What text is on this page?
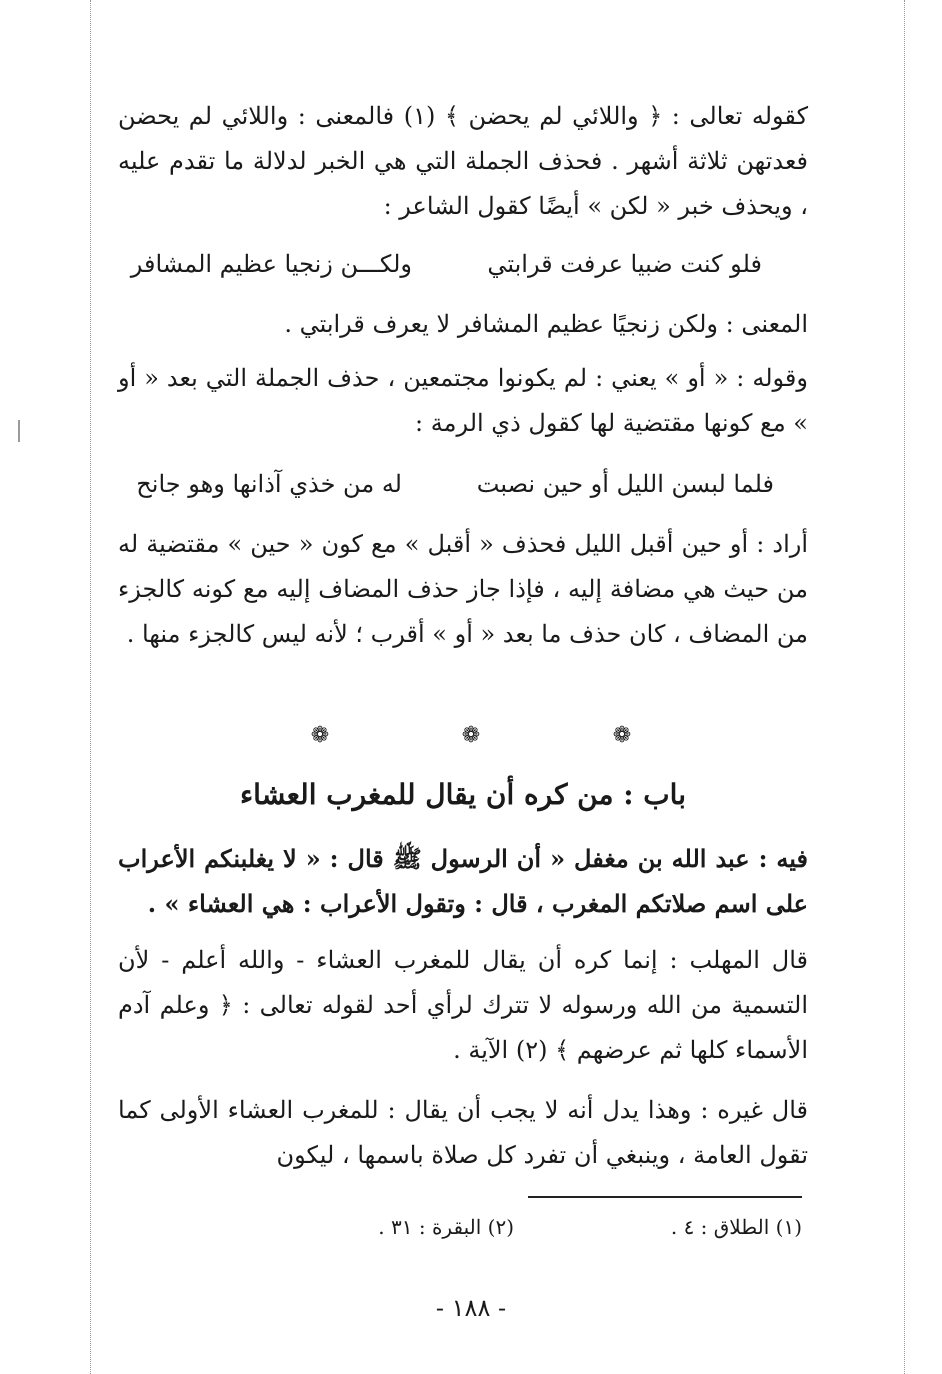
كقوله تعالى : ﴿ واللائي لم يحضن ﴾ (١) فالمعنى : واللائي لم يحضن فعدتهن ثلاثة أشهر . فحذف الجملة التي هي الخبر لدلالة ما تقدم عليه ، ويحذف خبر « لكن » أيضًا كقول الشاعر :
فلو كنت ضبيا عرفت قرابتي
ولكـــن زنجيا عظيم المشافر
المعنى : ولكن زنجيًا عظيم المشافر لا يعرف قرابتي .
وقوله : « أو » يعني : لم يكونوا مجتمعين ، حذف الجملة التي بعد « أو » مع كونها مقتضية لها كقول ذي الرمة :
فلما لبسن الليل أو حين نصبت
له من خذي آذانها وهو جانح
أراد : أو حين أقبل الليل فحذف « أقبل » مع كون « حين » مقتضية له من حيث هي مضافة إليه ، فإذا جاز حذف المضاف إليه مع كونه كالجزء من المضاف ، كان حذف ما بعد « أو » أقرب ؛ لأنه ليس كالجزء منها .
❁	❁	❁
باب : من كره أن يقال للمغرب العشاء
فيه : عبد الله بن مغفل « أن الرسول ﷺ قال : « لا يغلبنكم الأعراب على اسم صلاتكم المغرب ، قال : وتقول الأعراب : هي العشاء » .
قال المهلب : إنما كره أن يقال للمغرب العشاء - والله أعلم - لأن التسمية من الله ورسوله لا تترك لرأي أحد لقوله تعالى : ﴿ وعلم آدم الأسماء كلها ثم عرضهم ﴾ (٢) الآية .
قال غيره : وهذا يدل أنه لا يجب أن يقال : للمغرب العشاء الأولى كما تقول العامة ، وينبغي أن تفرد كل صلاة باسمها ، ليكون
(١) الطلاق : ٤ .
(٢) البقرة : ٣١ .
- ١٨٨ -
